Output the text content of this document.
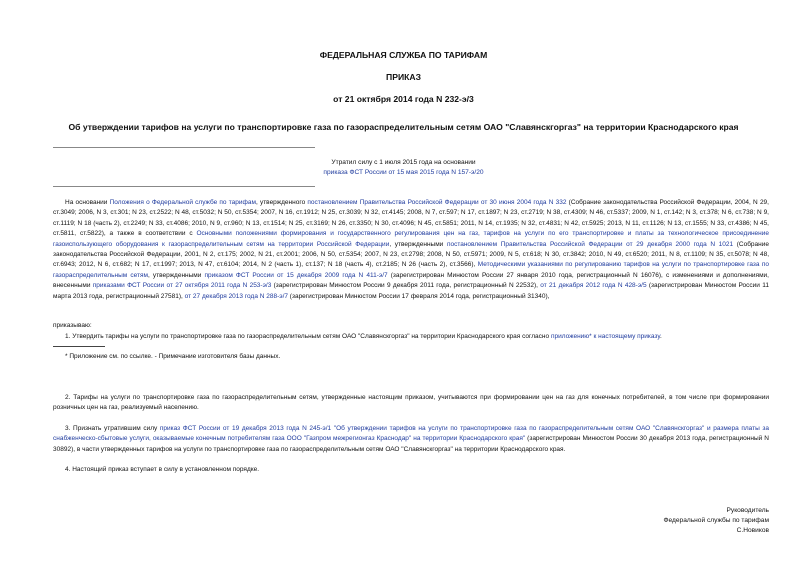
ФЕДЕРАЛЬНАЯ СЛУЖБА ПО ТАРИФАМ
ПРИКАЗ
от 21 октября 2014 года N 232-э/3
Об утверждении тарифов на услуги по транспортировке газа по газораспределительным сетям ОАО "Славянскгоргаз" на территории Краснодарского края
Утратил силу с 1 июля 2015 года на основании
приказа ФСТ России от 15 мая 2015 года N 157-э/20
На основании Положения о Федеральной службе по тарифам, утвержденного постановлением Правительства Российской Федерации от 30 июня 2004 года N 332 (Собрание законодательства Российской Федерации, 2004, N 29, ст.3049; 2006, N 3, ст.301; N 23, ст.2522; N 48, ст.5032; N 50, ст.5354; 2007, N 16, ст.1912; N 25, ст.3039; N 32, ст.4145; 2008, N 7, ст.597; N 17, ст.1897; N 23, ст.2719; N 38, ст.4309; N 46, ст.5337; 2009, N 1, ст.142; N 3, ст.378; N 6, ст.738; N 9, ст.1119; N 18 (часть 2), ст.2249; N 33, ст.4086; 2010, N 9, ст.960; N 13, ст.1514; N 25, ст.3169; N 26, ст.3350; N 30, ст.4096; N 45, ст.5851; 2011, N 14, ст.1935; N 32, ст.4831; N 42, ст.5925; 2013, N 11, ст.1126; N 13, ст.1555; N 33, ст.4386; N 45, ст.5811, ст.5822), а также в соответствии с Основными положениями формирования и государственного регулирования цен на газ, тарифов на услуги по его транспортировке и платы за технологическое присоединение газоиспользующего оборудования к газораспределительным сетям на территории Российской Федерации, утвержденными постановлением Правительства Российской Федерации от 29 декабря 2000 года N 1021 (Собрание законодательства Российской Федерации, 2001, N 2, ст.175; 2002, N 21, ст.2001; 2006, N 50, ст.5354; 2007, N 23, ст.2798; 2008, N 50, ст.5971; 2009, N 5, ст.618; N 30, ст.3842; 2010, N 49, ст.6520; 2011, N 8, ст.1109; N 35, ст.5078; N 48, ст.6943; 2012, N 6, ст.682; N 17, ст.1997; 2013, N 47, ст.6104; 2014, N 2 (часть 1), ст.137; N 18 (часть 4), ст.2185; N 26 (часть 2), ст.3566), Методическими указаниями по регулированию тарифов на услуги по транспортировке газа по газораспределительным сетям, утвержденными приказом ФСТ России от 15 декабря 2009 года N 411-э/7 (зарегистрирован Минюстом России 27 января 2010 года, регистрационный N 16076), с изменениями и дополнениями, внесенными приказами ФСТ России от 27 октября 2011 года N 253-э/3 (зарегистрирован Минюстом России 9 декабря 2011 года, регистрационный N 22532), от 21 декабря 2012 года N 428-э/5 (зарегистрирован Минюстом России 11 марта 2013 года, регистрационный 27581), от 27 декабря 2013 года N 288-э/7 (зарегистрирован Минюстом России 17 февраля 2014 года, регистрационный 31340),
приказываю:
1. Утвердить тарифы на услуги по транспортировке газа по газораспределительным сетям ОАО "Славянскгоргаз" на территории Краснодарского края согласно приложению* к настоящему приказу.
* Приложение см. по ссылке. - Примечание изготовителя базы данных.
2. Тарифы на услуги по транспортировке газа по газораспределительным сетям, утвержденные настоящим приказом, учитываются при формировании цен на газ для конечных потребителей, в том числе при формировании розничных цен на газ, реализуемый населению.
3. Признать утратившим силу приказ ФСТ России от 19 декабря 2013 года N 245-э/1 "Об утверждении тарифов на услуги по транспортировке газа по газораспределительным сетям ОАО "Славянскгоргаз" и размера платы за снабженческо-сбытовые услуги, оказываемые конечным потребителям газа ООО "Газпром межрегионгаз Краснодар" на территории Краснодарского края" (зарегистрирован Минюстом России 30 декабря 2013 года, регистрационный N 30892), в части утвержденных тарифов на услуги по транспортировке газа по газораспределительным сетям ОАО "Славянскгоргаз" на территории Краснодарского края.
4. Настоящий приказ вступает в силу в установленном порядке.
Руководитель
Федеральной службы по тарифам
С.Новиков
